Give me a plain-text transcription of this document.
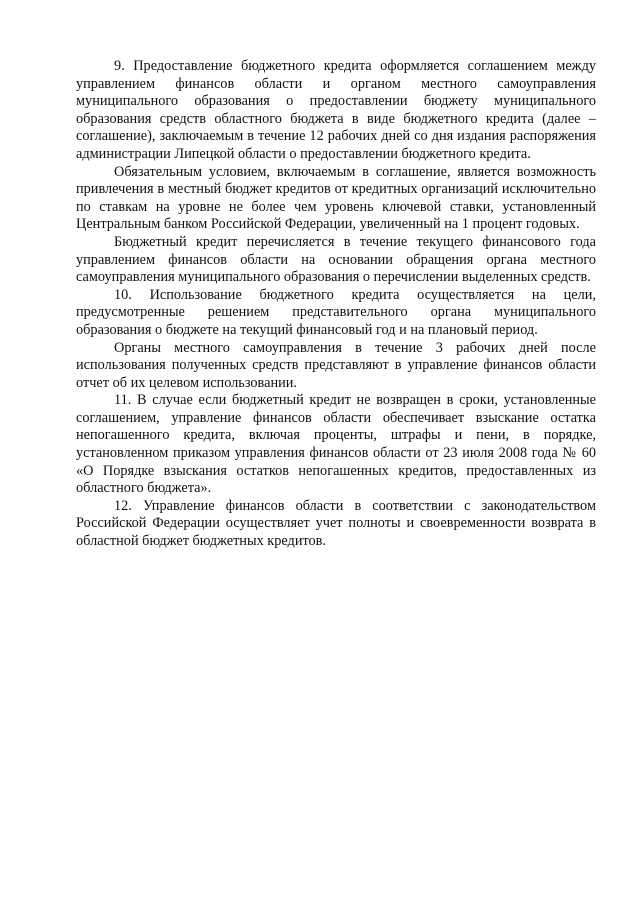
9. Предоставление бюджетного кредита оформляется соглашением между управлением финансов области и органом местного самоуправления муниципального образования о предоставлении бюджету муниципального образования средств областного бюджета в виде бюджетного кредита (далее – соглашение), заключаемым в течение 12 рабочих дней со дня издания распоряжения администрации Липецкой области о предоставлении бюджетного кредита.

Обязательным условием, включаемым в соглашение, является возможность привлечения в местный бюджет кредитов от кредитных организаций исключительно по ставкам на уровне не более чем уровень ключевой ставки, установленный Центральным банком Российской Федерации, увеличенный на 1 процент годовых.

Бюджетный кредит перечисляется в течение текущего финансового года управлением финансов области на основании обращения органа местного самоуправления муниципального образования о перечислении выделенных средств.

10. Использование бюджетного кредита осуществляется на цели, предусмотренные решением представительного органа муниципального образования о бюджете на текущий финансовый год и на плановый период.

Органы местного самоуправления в течение 3 рабочих дней после использования полученных средств представляют в управление финансов области отчет об их целевом использовании.

11. В случае если бюджетный кредит не возвращен в сроки, установленные соглашением, управление финансов области обеспечивает взыскание остатка непогашенного кредита, включая проценты, штрафы и пени, в порядке, установленном приказом управления финансов области от 23 июля 2008 года № 60 «О Порядке взыскания остатков непогашенных кредитов, предоставленных из областного бюджета».

12. Управление финансов области в соответствии с законодательством Российской Федерации осуществляет учет полноты и своевременности возврата в областной бюджет бюджетных кредитов.
